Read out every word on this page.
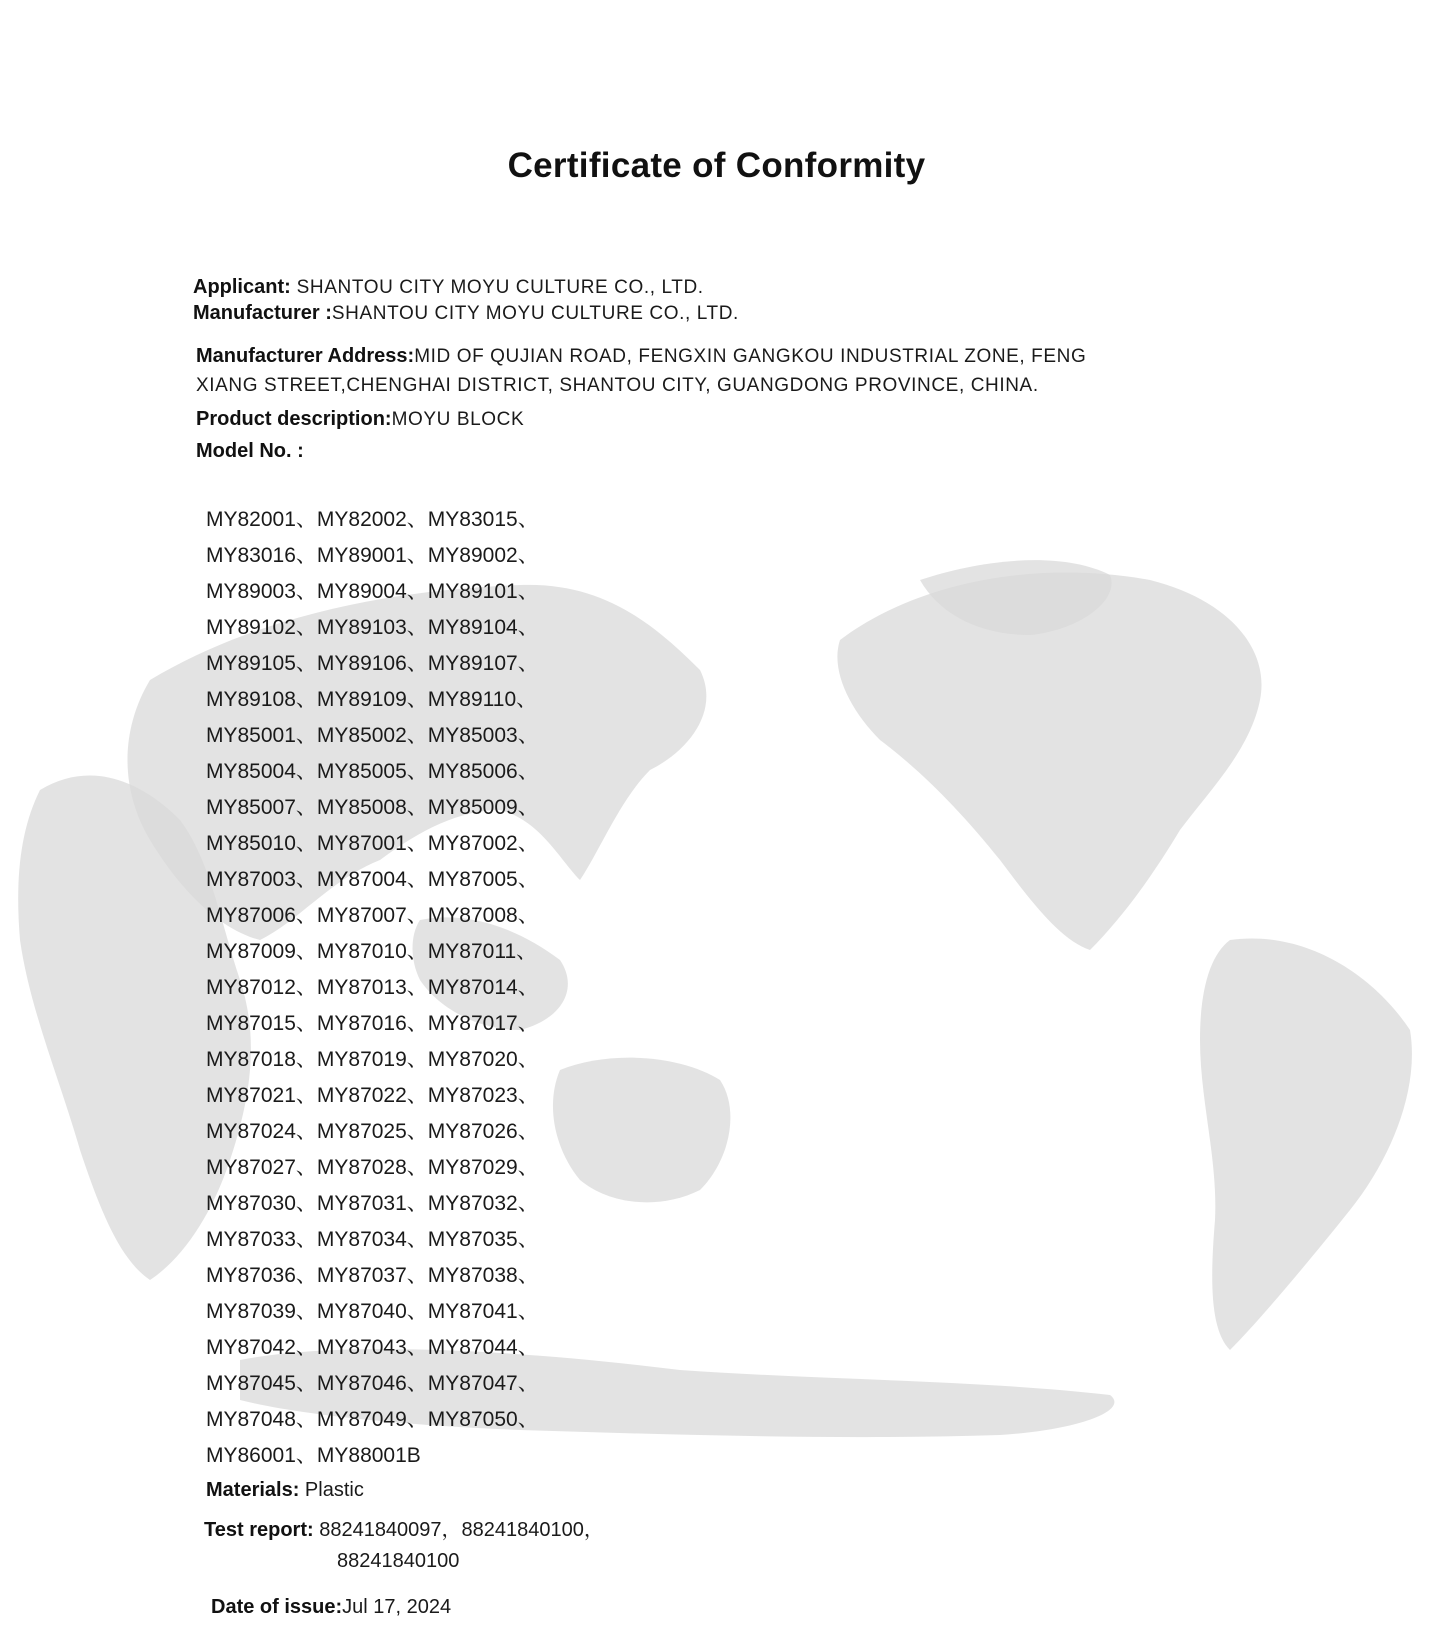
Certificate of Conformity
Applicant: SHANTOU CITY MOYU CULTURE CO., LTD.
Manufacturer :SHANTOU CITY MOYU CULTURE CO., LTD.
Manufacturer Address:MID OF QUJIAN ROAD, FENGXIN GANGKOU INDUSTRIAL ZONE, FENG
XIANG STREET,CHENGHAI DISTRICT, SHANTOU CITY, GUANGDONG PROVINCE, CHINA.
Product description:MOYU BLOCK
Model No. :
MY82001、MY82002、MY83015、
MY83016、MY89001、MY89002、
MY89003、MY89004、MY89101、
MY89102、MY89103、MY89104、
MY89105、MY89106、MY89107、
MY89108、MY89109、MY89110、
MY85001、MY85002、MY85003、
MY85004、MY85005、MY85006、
MY85007、MY85008、MY85009、
MY85010、MY87001、MY87002、
MY87003、MY87004、MY87005、
MY87006、MY87007、MY87008、
MY87009、MY87010、MY87011、
MY87012、MY87013、MY87014、
MY87015、MY87016、MY87017、
MY87018、MY87019、MY87020、
MY87021、MY87022、MY87023、
MY87024、MY87025、MY87026、
MY87027、MY87028、MY87029、
MY87030、MY87031、MY87032、
MY87033、MY87034、MY87035、
MY87036、MY87037、MY87038、
MY87039、MY87040、MY87041、
MY87042、MY87043、MY87044、
MY87045、MY87046、MY87047、
MY87048、MY87049、MY87050、
MY86001、MY88001B
Materials: Plastic
Test report: 88241840097，88241840100，
88241840100
Date of issue:Jul 17, 2024
